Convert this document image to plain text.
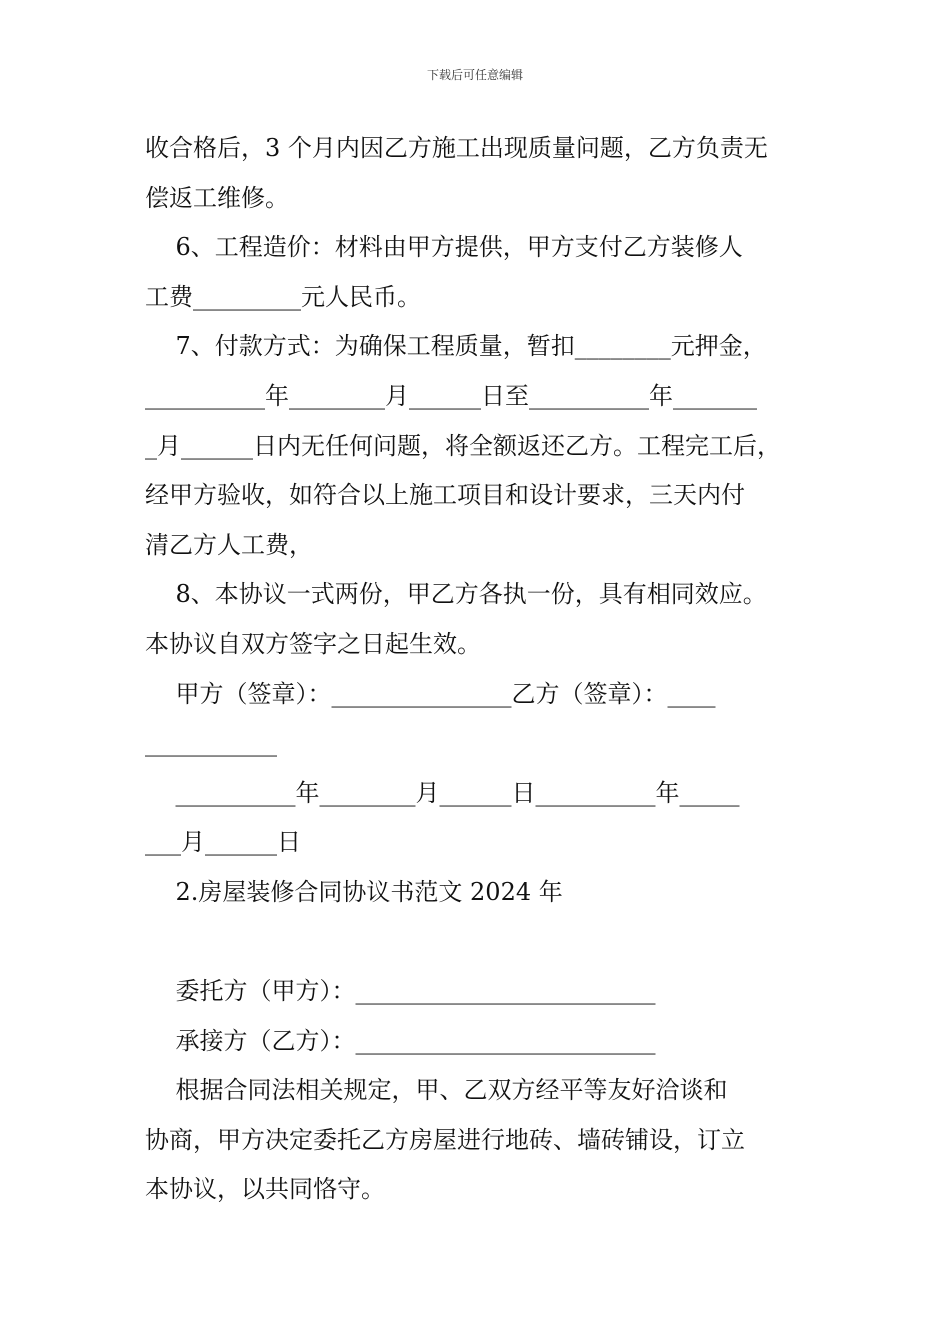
下载后可任意编辑
收合格后，3 个月内因乙方施工出现质量问题，乙方负责无
偿返工维修。
6、工程造价：材料由甲方提供，甲方支付乙方装修人
工费_________元人民币。
7、付款方式：为确保工程质量，暂扣________元押金，
__________年________月______日至__________年_______
_月______日内无任何问题，将全额返还乙方。工程完工后，
经甲方验收，如符合以上施工项目和设计要求，三天内付
清乙方人工费，
8、本协议一式两份，甲乙方各执一份，具有相同效应。
本协议自双方签字之日起生效。
甲方（签章）：_______________乙方（签章）：____
___________
__________年________月______日__________年_____
___月______日
2.房屋装修合同协议书范文 2024 年
委托方（甲方）：_________________________
承接方（乙方）：_________________________
根据合同法相关规定，甲、乙双方经平等友好洽谈和
协商，甲方决定委托乙方房屋进行地砖、墙砖铺设，订立
本协议，以共同恪守。
